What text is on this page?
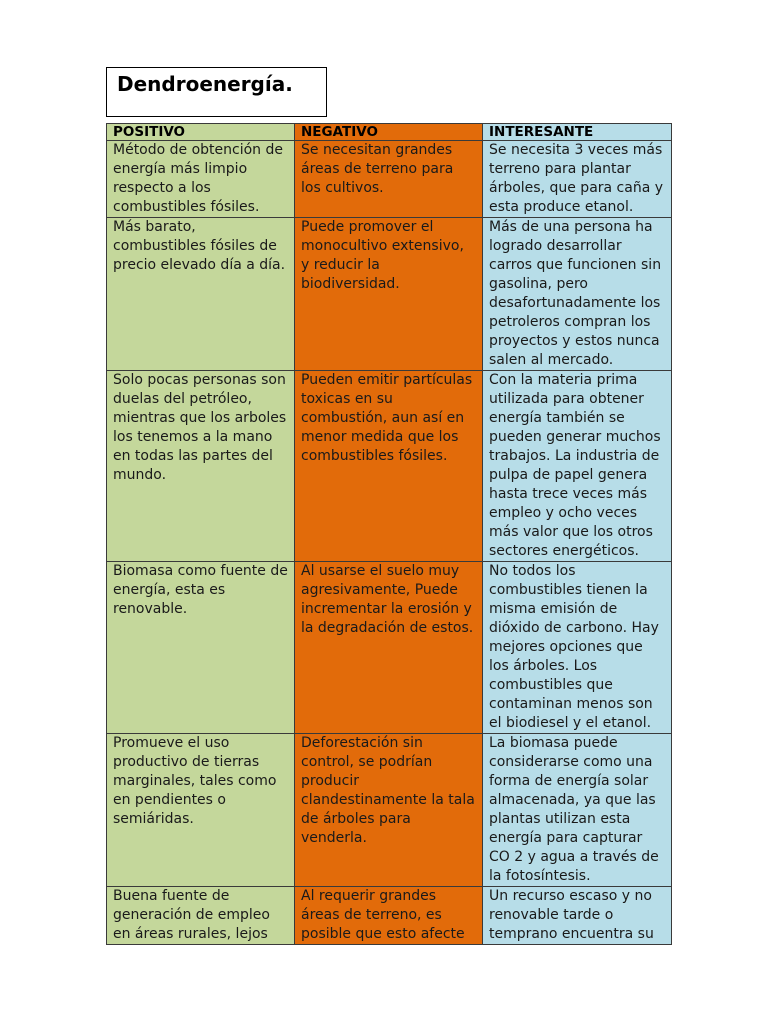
Dendroenergía.
POSITIVO	NEGATIVO	INTERESANTE
Método de obtención de energía más limpio respecto a los combustibles fósiles.	Se necesitan grandes áreas de terreno para los cultivos.	Se necesita 3 veces más terreno para plantar árboles, que para caña y esta produce etanol.
Más barato, combustibles fósiles de precio elevado día a día.	Puede promover el monocultivo extensivo, y reducir la biodiversidad.	Más de una persona ha logrado desarrollar carros que funcionen sin gasolina, pero desafortunadamente los petroleros compran los proyectos y estos nunca salen al mercado.
Solo pocas personas son duelas del petróleo, mientras que los arboles los tenemos a la mano en todas las partes del mundo.	Pueden emitir partículas toxicas en su combustión, aun así en menor medida que los combustibles fósiles.	Con la materia prima utilizada para obtener energía también se pueden generar muchos trabajos. La industria de pulpa de papel genera hasta trece veces más empleo y ocho veces más valor que los otros sectores energéticos.
Biomasa como fuente de energía, esta es renovable.	Al usarse el suelo muy agresivamente, Puede incrementar la erosión y la degradación de estos.	No todos los combustibles tienen la misma emisión de dióxido de carbono. Hay mejores opciones que los árboles. Los combustibles que contaminan menos son el biodiesel y el etanol.
Promueve el uso productivo de tierras marginales, tales como en pendientes o semiáridas.	Deforestación sin control, se podrían producir clandestinamente la tala de árboles para venderla.	La biomasa puede considerarse como una forma de energía solar almacenada, ya que las plantas utilizan esta energía para capturar CO 2 y agua a través de la fotosíntesis.
Buena fuente de generación de empleo en áreas rurales, lejos	Al requerir grandes áreas de terreno, es posible que esto afecte	Un recurso escaso y no renovable tarde o temprano encuentra su
